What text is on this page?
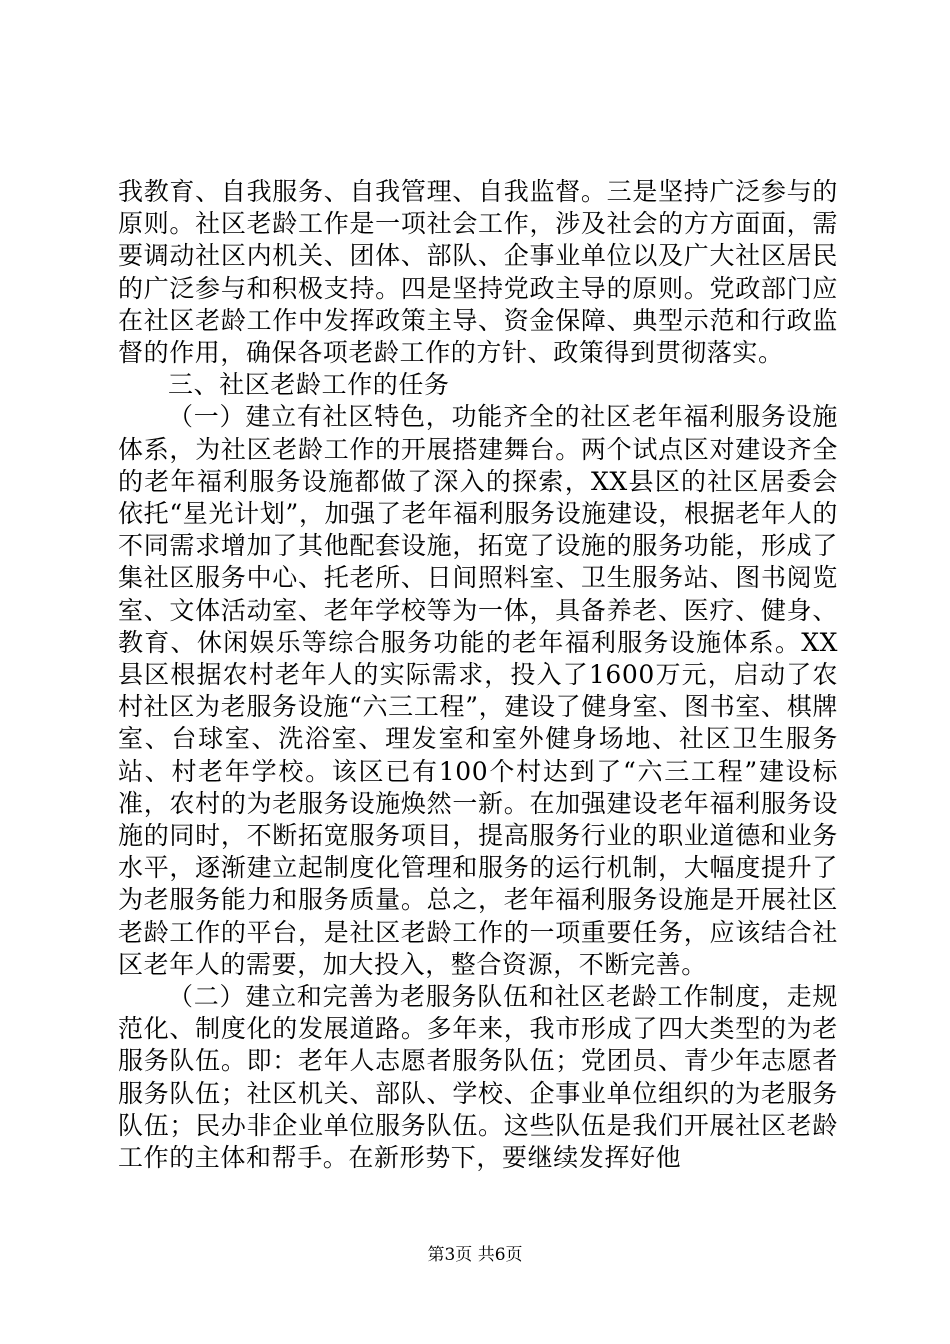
我教育、自我服务、自我管理、自我监督。三是坚持广泛参与的原则。社区老龄工作是一项社会工作，涉及社会的方方面面，需要调动社区内机关、团体、部队、企事业单位以及广大社区居民的广泛参与和积极支持。四是坚持党政主导的原则。党政部门应在社区老龄工作中发挥政策主导、资金保障、典型示范和行政监督的作用，确保各项老龄工作的方针、政策得到贯彻落实。

三、社区老龄工作的任务

（一）建立有社区特色，功能齐全的社区老年福利服务设施体系，为社区老龄工作的开展搭建舞台。两个试点区对建设齐全的老年福利服务设施都做了深入的探索，XX县区的社区居委会依托“星光计划”，加强了老年福利服务设施建设，根据老年人的不同需求增加了其他配套设施，拓宽了设施的服务功能，形成了集社区服务中心、托老所、日间照料室、卫生服务站、图书阅览室、文体活动室、老年学校等为一体，具备养老、医疗、健身、教育、休闲娱乐等综合服务功能的老年福利服务设施体系。XX县区根据农村老年人的实际需求，投入了1600万元，启动了农村社区为老服务设施“六三工程”，建设了健身室、图书室、棋牌室、台球室、洗浴室、理发室和室外健身场地、社区卫生服务站、村老年学校。该区已有100个村达到了“六三工程”建设标准，农村的为老服务设施焕然一新。在加强建设老年福利服务设施的同时，不断拓宽服务项目，提高服务行业的职业道德和业务水平，逐渐建立起制度化管理和服务的运行机制，大幅度提升了为老服务能力和服务质量。总之，老年福利服务设施是开展社区老龄工作的平台，是社区老龄工作的一项重要任务，应该结合社区老年人的需要，加大投入，整合资源，不断完善。

（二）建立和完善为老服务队伍和社区老龄工作制度，走规范化、制度化的发展道路。多年来，我市形成了四大类型的为老服务队伍。即：老年人志愿者服务队伍；党团员、青少年志愿者服务队伍；社区机关、部队、学校、企事业单位组织的为老服务队伍；民办非企业单位服务队伍。这些队伍是我们开展社区老龄工作的主体和帮手。在新形势下，要继续发挥好他

第3页 共6页
